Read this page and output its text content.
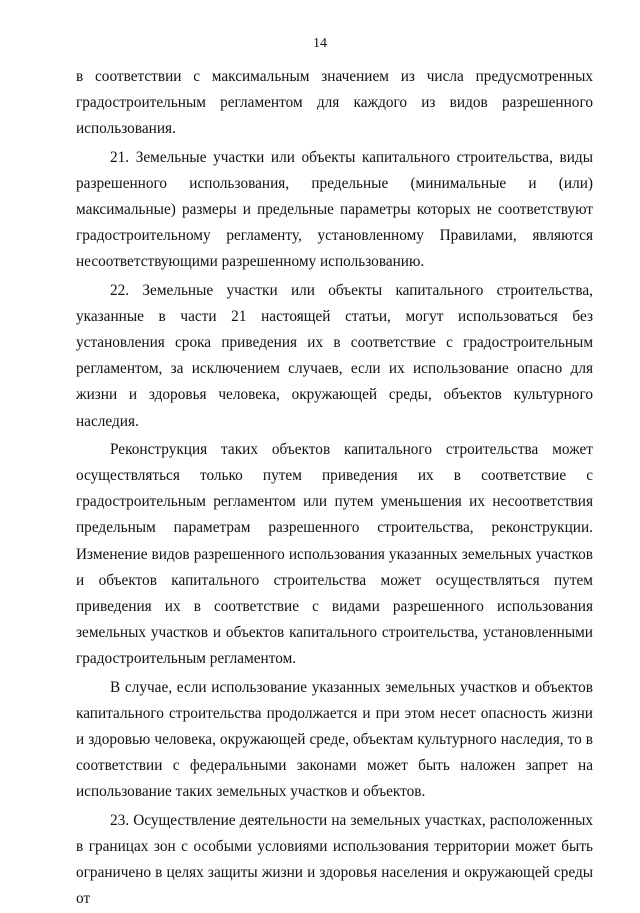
14

в соответствии с максимальным значением из числа предусмотренных градостроительным регламентом для каждого из видов разрешенного использования.

21. Земельные участки или объекты капитального строительства, виды разрешенного использования, предельные (минимальные и (или) максимальные) размеры и предельные параметры которых не соответствуют градостроительному регламенту, установленному Правилами, являются несоответствующими разрешенному использованию.

22. Земельные участки или объекты капитального строительства, указанные в части 21 настоящей статьи, могут использоваться без установления срока приведения их в соответствие с градостроительным регламентом, за исключением случаев, если их использование опасно для жизни и здоровья человека, окружающей среды, объектов культурного наследия.

Реконструкция таких объектов капитального строительства может осуществляться только путем приведения их в соответствие с градостроительным регламентом или путем уменьшения их несоответствия предельным параметрам разрешенного строительства, реконструкции. Изменение видов разрешенного использования указанных земельных участков и объектов капитального строительства может осуществляться путем приведения их в соответствие с видами разрешенного использования земельных участков и объектов капитального строительства, установленными градостроительным регламентом.

В случае, если использование указанных земельных участков и объектов капитального строительства продолжается и при этом несет опасность жизни и здоровью человека, окружающей среде, объектам культурного наследия, то в соответствии с федеральными законами может быть наложен запрет на использование таких земельных участков и объектов.

23. Осуществление деятельности на земельных участках, расположенных в границах зон с особыми условиями использования территории может быть ограничено в целях защиты жизни и здоровья населения и окружающей среды от
